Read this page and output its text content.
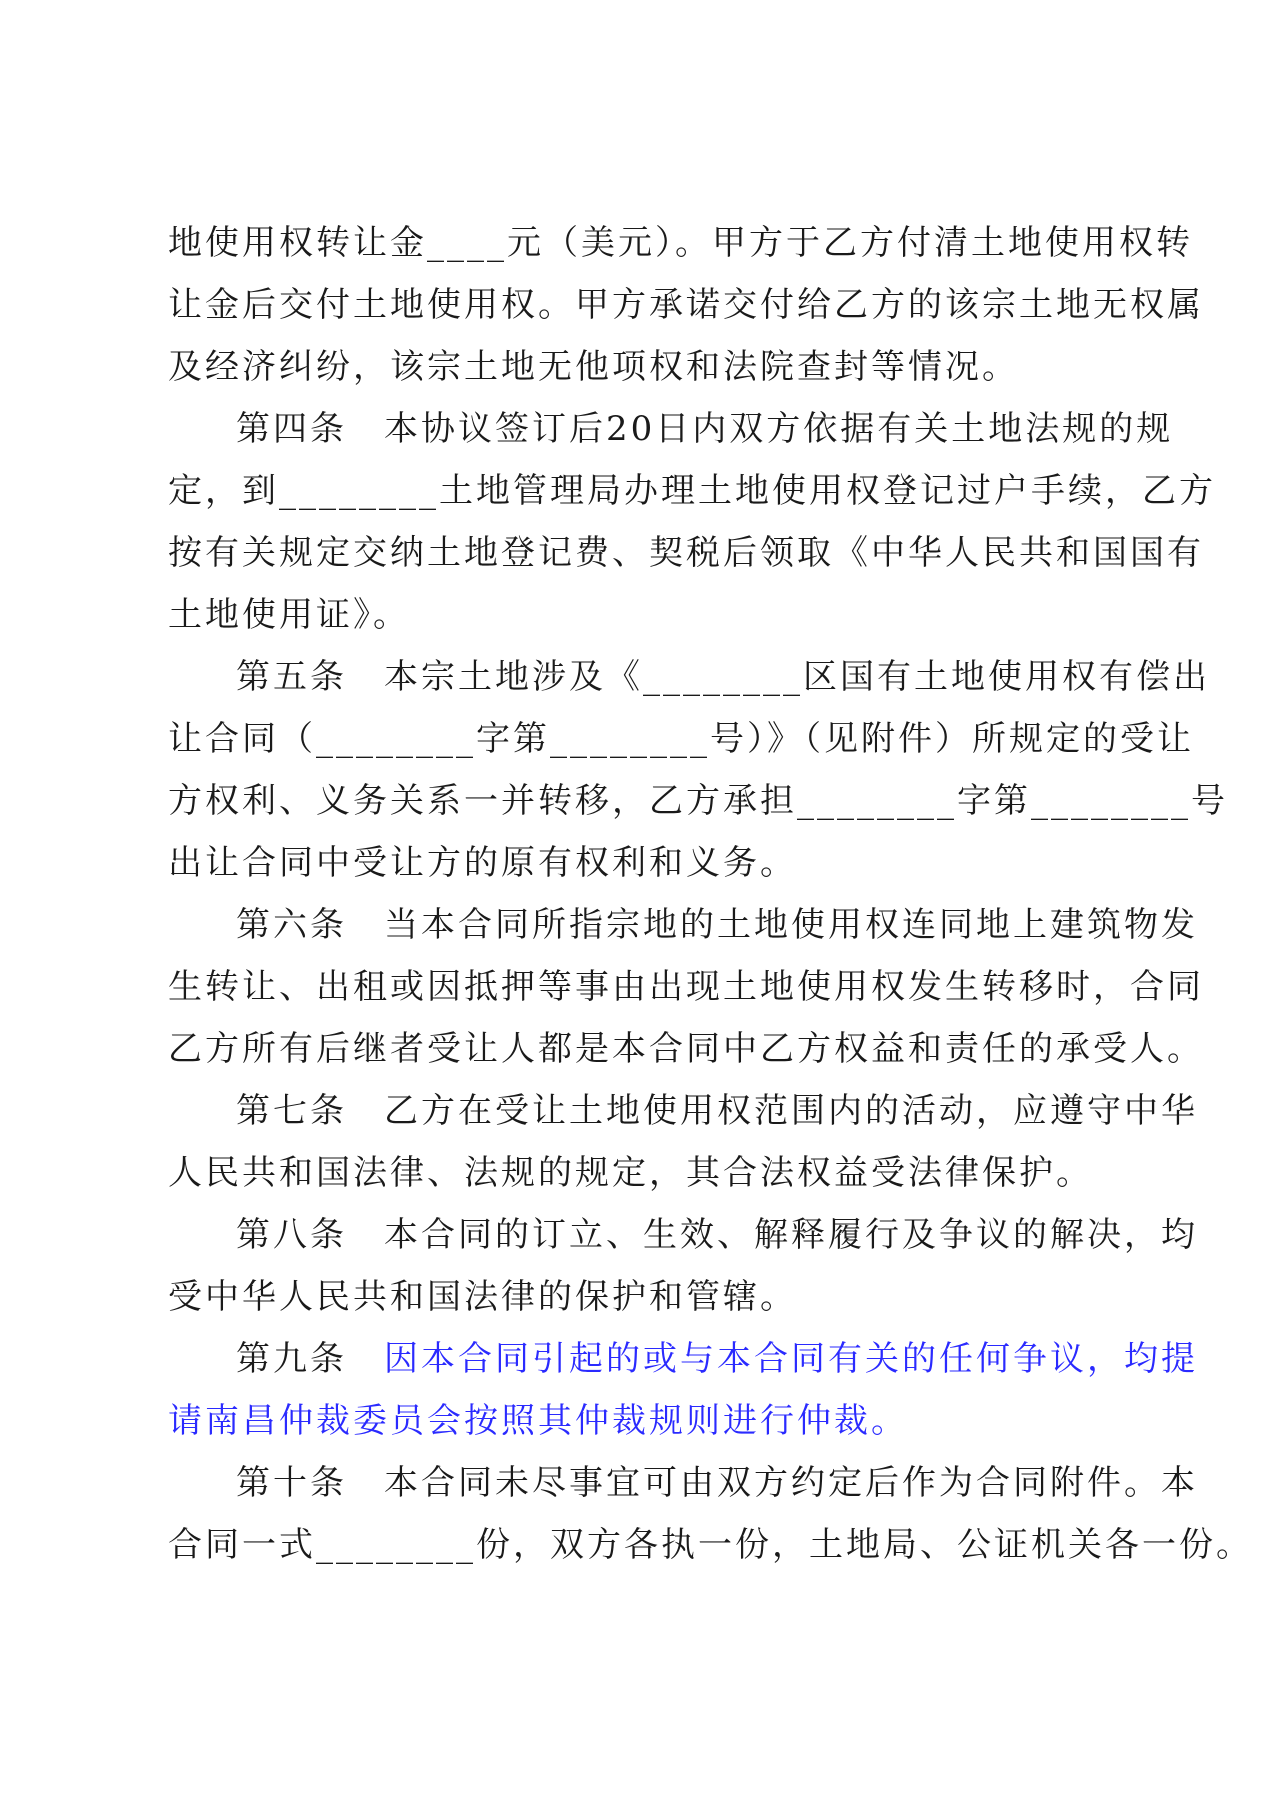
地使用权转让金____元（美元）。甲方于乙方付清土地使用权转
让金后交付土地使用权。甲方承诺交付给乙方的该宗土地无权属
及经济纠纷，该宗土地无他项权和法院查封等情况。
第四条　本协议签订后20日内双方依据有关土地法规的规
定，到________土地管理局办理土地使用权登记过户手续，乙方
按有关规定交纳土地登记费、契税后领取《中华人民共和国国有
土地使用证》。
第五条　本宗土地涉及《________区国有土地使用权有偿出
让合同（________字第________号）》（见附件）所规定的受让
方权利、义务关系一并转移，乙方承担________字第________号
出让合同中受让方的原有权利和义务。
第六条　当本合同所指宗地的土地使用权连同地上建筑物发
生转让、出租或因抵押等事由出现土地使用权发生转移时，合同
乙方所有后继者受让人都是本合同中乙方权益和责任的承受人。
第七条　乙方在受让土地使用权范围内的活动，应遵守中华
人民共和国法律、法规的规定，其合法权益受法律保护。
第八条　本合同的订立、生效、解释履行及争议的解决，均
受中华人民共和国法律的保护和管辖。
第九条　因本合同引起的或与本合同有关的任何争议，均提
请南昌仲裁委员会按照其仲裁规则进行仲裁。
第十条　本合同未尽事宜可由双方约定后作为合同附件。本
合同一式________份，双方各执一份，土地局、公证机关各一份。
